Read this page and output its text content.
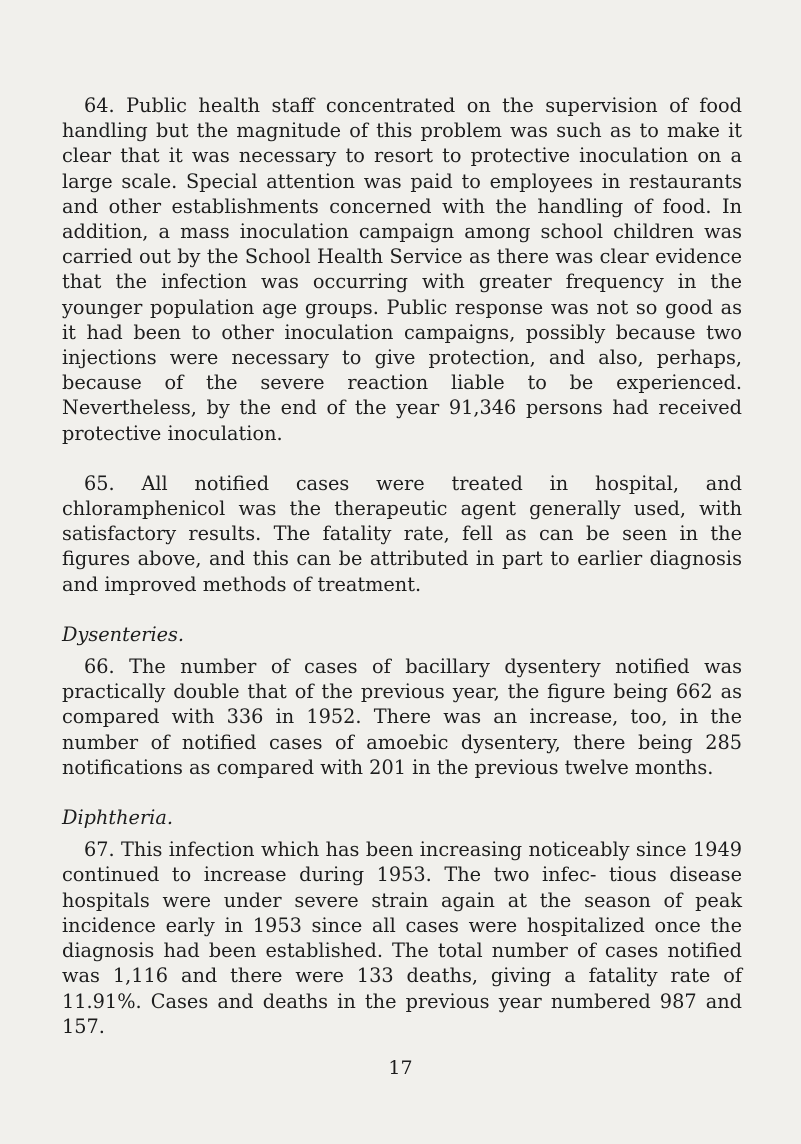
64. Public health staff concentrated on the supervision of food handling but the magnitude of this problem was such as to make it clear that it was necessary to resort to protective inoculation on a large scale. Special attention was paid to employees in restaurants and other establishments concerned with the handling of food. In addition, a mass inoculation campaign among school children was carried out by the School Health Service as there was clear evidence that the infection was occurring with greater frequency in the younger population age groups. Public response was not so good as it had been to other inoculation campaigns, possibly because two injections were necessary to give protection, and also, perhaps, because of the severe reaction liable to be experienced. Nevertheless, by the end of the year 91,346 persons had received protective inoculation.

65. All notified cases were treated in hospital, and chloramphenicol was the therapeutic agent generally used, with satisfactory results. The fatality rate, fell as can be seen in the figures above, and this can be attributed in part to earlier diagnosis and improved methods of treatment.

Dysenteries.

66. The number of cases of bacillary dysentery notified was practically double that of the previous year, the figure being 662 as compared with 336 in 1952. There was an increase, too, in the number of notified cases of amoebic dysentery, there being 285 notifications as compared with 201 in the previous twelve months.

Diphtheria.

67. This infection which has been increasing noticeably since 1949 continued to increase during 1953. The two infec- tious disease hospitals were under severe strain again at the season of peak incidence early in 1953 since all cases were hospitalized once the diagnosis had been established. The total number of cases notified was 1,116 and there were 133 deaths, giving a fatality rate of 11.91%. Cases and deaths in the previous year numbered 987 and 157.

17
